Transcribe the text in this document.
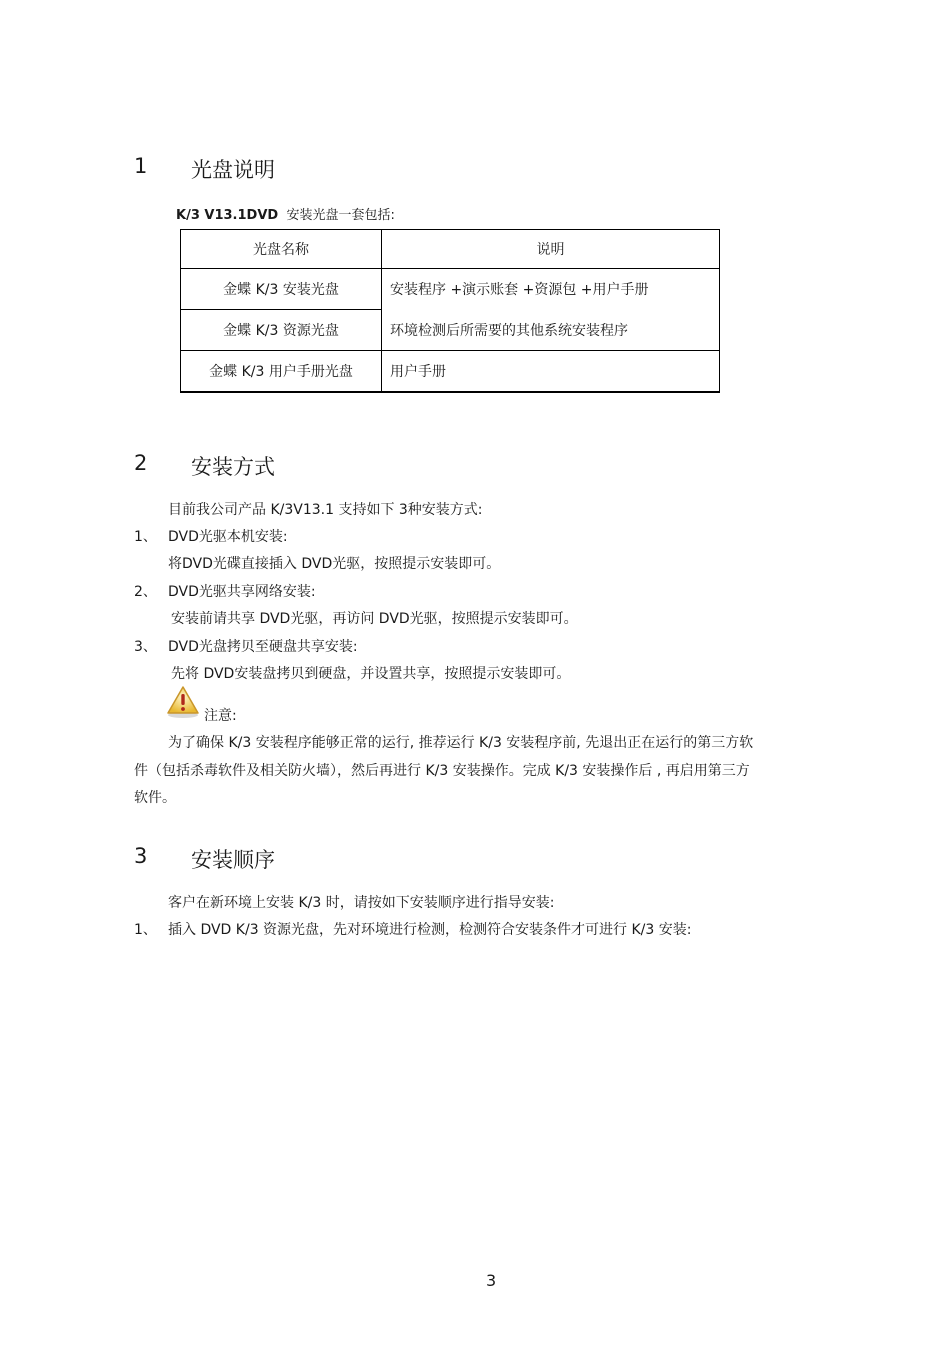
1 光盘说明
K/3 V13.1DVD 安装光盘一套包括:
光盘名称	说明
金蝶 K/3 安装光盘	安装程序 +演示账套 +资源包 +用户手册
金蝶 K/3 资源光盘	环境检测后所需要的其他系统安装程序
金蝶 K/3 用户手册光盘	用户手册
2 安装方式
目前我公司产品 K/3V13.1 支持如下 3种安装方式:
1、 DVD光驱本机安装:
将DVD光碟直接插入 DVD光驱，按照提示安装即可。
2、 DVD光驱共享网络安装:
安装前请共享 DVD光驱，再访问 DVD光驱，按照提示安装即可。
3、 DVD光盘拷贝至硬盘共享安装:
先将 DVD安装盘拷贝到硬盘，并设置共享，按照提示安装即可。
注意:
为了确保 K/3 安装程序能够正常的运行, 推荐运行 K/3 安装程序前, 先退出正在运行的第三方软
件（包括杀毒软件及相关防火墙），然后再进行 K/3 安装操作。完成 K/3 安装操作后 , 再启用第三方
软件。
3 安装顺序
客户在新环境上安装 K/3 时，请按如下安装顺序进行指导安装:
1、 插入 DVD K/3 资源光盘，先对环境进行检测，检测符合安装条件才可进行 K/3 安装:
3
